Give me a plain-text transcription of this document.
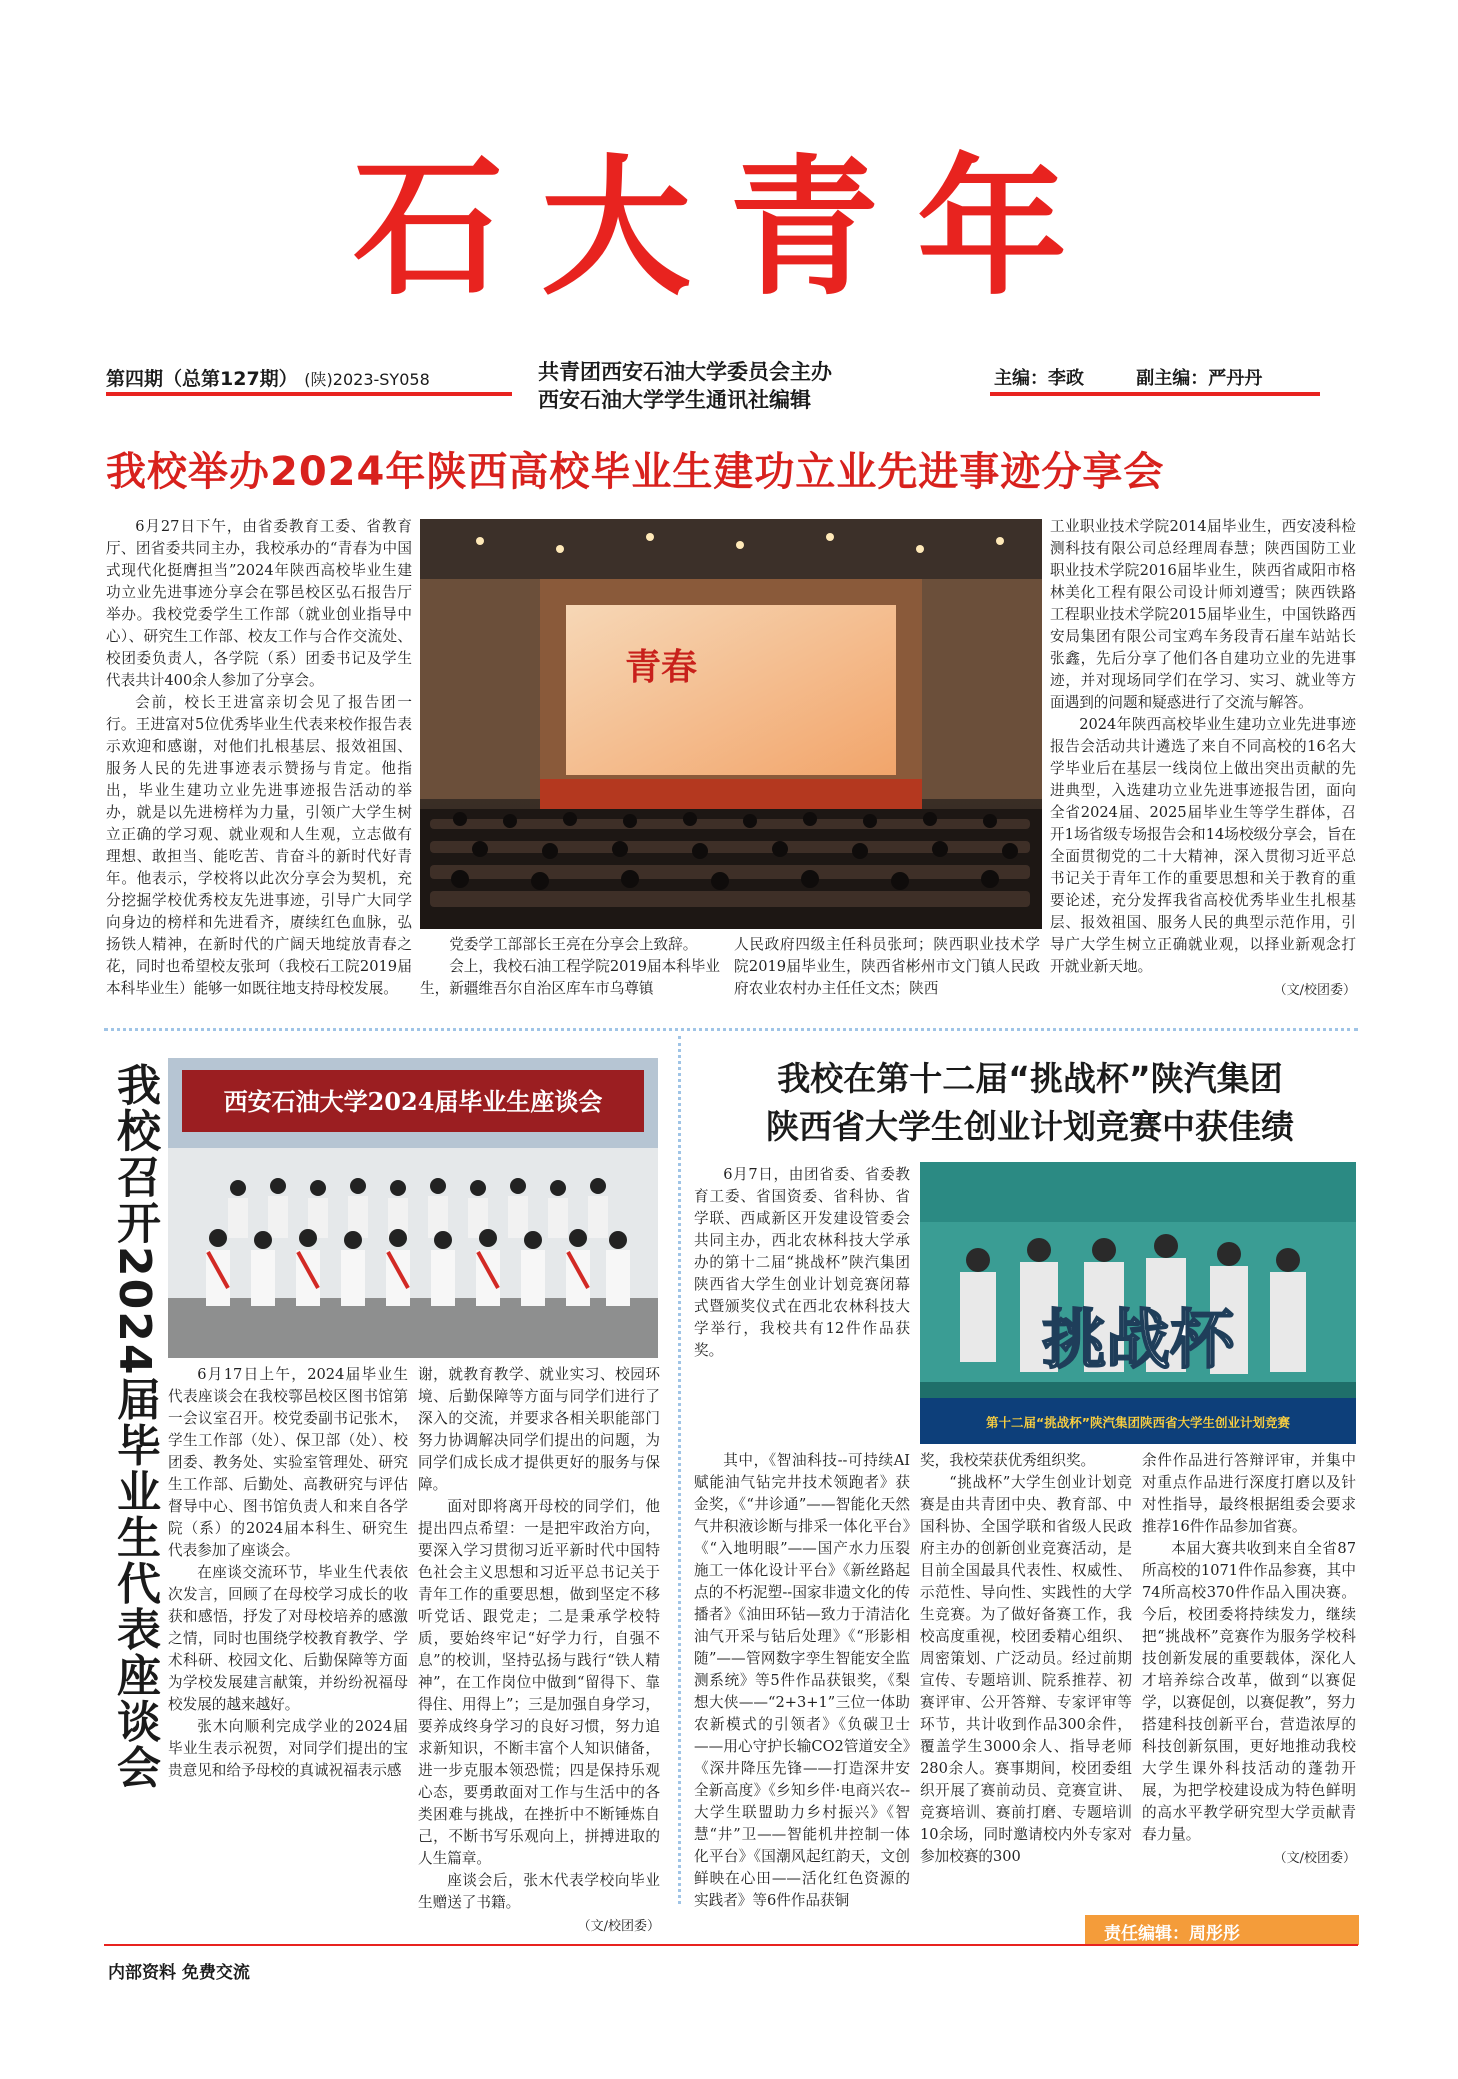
石大青年
第四期（总第127期） (陕)2023-SY058	共青团西安石油大学委员会主办
西安石油大学学生通讯社编辑
主编：李政	副主编：严丹丹
我校举办2024年陕西高校毕业生建功立业先进事迹分享会

6月27日下午，由省委教育工委、省教育厅、团省委共同主办，我校承办的“青春为中国式现代化挺膺担当”2024年陕西高校毕业生建功立业先进事迹分享会在鄠邑校区弘石报告厅举办。我校党委学生工作部（就业创业指导中心）、研究生工作部、校友工作与合作交流处、校团委负责人，各学院（系）团委书记及学生代表共计400余人参加了分享会。

会前，校长王进富亲切会见了报告团一行。王进富对5位优秀毕业生代表来校作报告表示欢迎和感谢，对他们扎根基层、报效祖国、服务人民的先进事迹表示赞扬与肯定。他指出，毕业生建功立业先进事迹报告活动的举办，就是以先进榜样为力量，引领广大学生树立正确的学习观、就业观和人生观，立志做有理想、敢担当、能吃苦、肯奋斗的新时代好青年。他表示，学校将以此次分享会为契机，充分挖掘学校优秀校友先进事迹，引导广大同学向身边的榜样和先进看齐，赓续红色血脉，弘扬铁人精神，在新时代的广阔天地绽放青春之花，同时也希望校友张珂（我校石工院2019届本科毕业生）能够一如既往地支持母校发展。

青春

党委学工部部长王亮在分享会上致辞。

会上，我校石油工程学院2019届本科毕业生，新疆维吾尔自治区库车市乌尊镇

人民政府四级主任科员张珂；陕西职业技术学院2019届毕业生，陕西省彬州市文门镇人民政府农业农村办主任任文杰；陕西

工业职业技术学院2014届毕业生，西安凌科检测科技有限公司总经理周春慧；陕西国防工业职业技术学院2016届毕业生，陕西省咸阳市格林美化工程有限公司设计师刘遵雪；陕西铁路工程职业技术学院2015届毕业生，中国铁路西安局集团有限公司宝鸡车务段青石崖车站站长张鑫，先后分享了他们各自建功立业的先进事迹，并对现场同学们在学习、实习、就业等方面遇到的问题和疑惑进行了交流与解答。

2024年陕西高校毕业生建功立业先进事迹报告会活动共计遴选了来自不同高校的16名大学毕业后在基层一线岗位上做出突出贡献的先进典型，入选建功立业先进事迹报告团，面向全省2024届、2025届毕业生等学生群体，召开1场省级专场报告会和14场校级分享会，旨在全面贯彻党的二十大精神，深入贯彻习近平总书记关于青年工作的重要思想和关于教育的重要论述，充分发挥我省高校优秀毕业生扎根基层、报效祖国、服务人民的典型示范作用，引导广大学生树立正确就业观，以择业新观念打开就业新天地。

（文/校团委）
我校召开2024届毕业生代表座谈会	西安石油大学2024届毕业生座谈会

6月17日上午，2024届毕业生代表座谈会在我校鄠邑校区图书馆第一会议室召开。校党委副书记张木，学生工作部（处）、保卫部（处）、校团委、教务处、实验室管理处、研究生工作部、后勤处、高教研究与评估督导中心、图书馆负责人和来自各学院（系）的2024届本科生、研究生代表参加了座谈会。

在座谈交流环节，毕业生代表依次发言，回顾了在母校学习成长的收获和感悟，抒发了对母校培养的感激之情，同时也围绕学校教育教学、学术科研、校园文化、后勤保障等方面为学校发展建言献策，并纷纷祝福母校发展的越来越好。

张木向顺利完成学业的2024届毕业生表示祝贺，对同学们提出的宝贵意见和给予母校的真诚祝福表示感

谢，就教育教学、就业实习、校园环境、后勤保障等方面与同学们进行了深入的交流，并要求各相关职能部门努力协调解决同学们提出的问题，为同学们成长成才提供更好的服务与保障。

面对即将离开母校的同学们，他提出四点希望：一是把牢政治方向，要深入学习贯彻习近平新时代中国特色社会主义思想和习近平总书记关于青年工作的重要思想，做到坚定不移听党话、跟党走；二是秉承学校特质，要始终牢记“好学力行，自强不息”的校训，坚持弘扬与践行“铁人精神”，在工作岗位中做到“留得下、靠得住、用得上”；三是加强自身学习，要养成终身学习的良好习惯，努力追求新知识，不断丰富个人知识储备，进一步克服本领恐慌；四是保持乐观心态，要勇敢面对工作与生活中的各类困难与挑战，在挫折中不断锤炼自己，不断书写乐观向上，拼搏进取的人生篇章。

座谈会后，张木代表学校向毕业生赠送了书籍。

（文/校团委）
我校在第十二届“挑战杯”陕汽集团
陕西省大学生创业计划竞赛中获佳绩

6月7日，由团省委、省委教育工委、省国资委、省科协、省学联、西咸新区开发建设管委会共同主办，西北农林科技大学承办的第十二届“挑战杯”陕汽集团陕西省大学生创业计划竞赛闭幕式暨颁奖仪式在西北农林科技大学举行，我校共有12件作品获奖。	挑战杯
第十二届“挑战杯”陕汽集团陕西省大学生创业计划竞赛

其中，《智油科技--可持续AI赋能油气钻完井技术领跑者》获金奖，《“井诊通”——智能化天然气井积液诊断与排采一体化平台》《“入地明眼”——国产水力压裂施工一体化设计平台》《新丝路起点的不朽泥塑--国家非遗文化的传播者》《油田环钻—致力于清洁化油气开采与钻后处理》《“形影相随”——管网数字孪生智能安全监测系统》等5件作品获银奖，《梨想大侠——“2+3+1”三位一体助农新模式的引领者》《负碳卫士——用心守护长输CO2管道安全》《深井降压先锋——打造深井安全新高度》《乡知乡伴·电商兴农--大学生联盟助力乡村振兴》《智慧“井”卫——智能机井控制一体化平台》《国潮风起红韵天，文创鲜映在心田——活化红色资源的实践者》等6件作品获铜

奖，我校荣获优秀组织奖。

“挑战杯”大学生创业计划竞赛是由共青团中央、教育部、中国科协、全国学联和省级人民政府主办的创新创业竞赛活动，是目前全国最具代表性、权威性、示范性、导向性、实践性的大学生竞赛。为了做好备赛工作，我校高度重视，校团委精心组织、周密策划、广泛动员。经过前期宣传、专题培训、院系推荐、初赛评审、公开答辩、专家评审等环节，共计收到作品300余件，覆盖学生3000余人、指导老师280余人。赛事期间，校团委组织开展了赛前动员、竞赛宣讲、竞赛培训、赛前打磨、专题培训10余场，同时邀请校内外专家对参加校赛的300

余件作品进行答辩评审，并集中对重点作品进行深度打磨以及针对性指导，最终根据组委会要求推荐16件作品参加省赛。

本届大赛共收到来自全省87所高校的1071件作品参赛，其中74所高校370件作品入围决赛。今后，校团委将持续发力，继续把“挑战杯”竞赛作为服务学校科技创新发展的重要载体，深化人才培养综合改革，做到“以赛促学，以赛促创，以赛促教”，努力搭建科技创新平台，营造浓厚的科技创新氛围，更好地推动我校大学生课外科技活动的蓬勃开展，为把学校建设成为特色鲜明的高水平教学研究型大学贡献青春力量。

（文/校团委）
责任编辑：周彤彤
内部资料 免费交流
